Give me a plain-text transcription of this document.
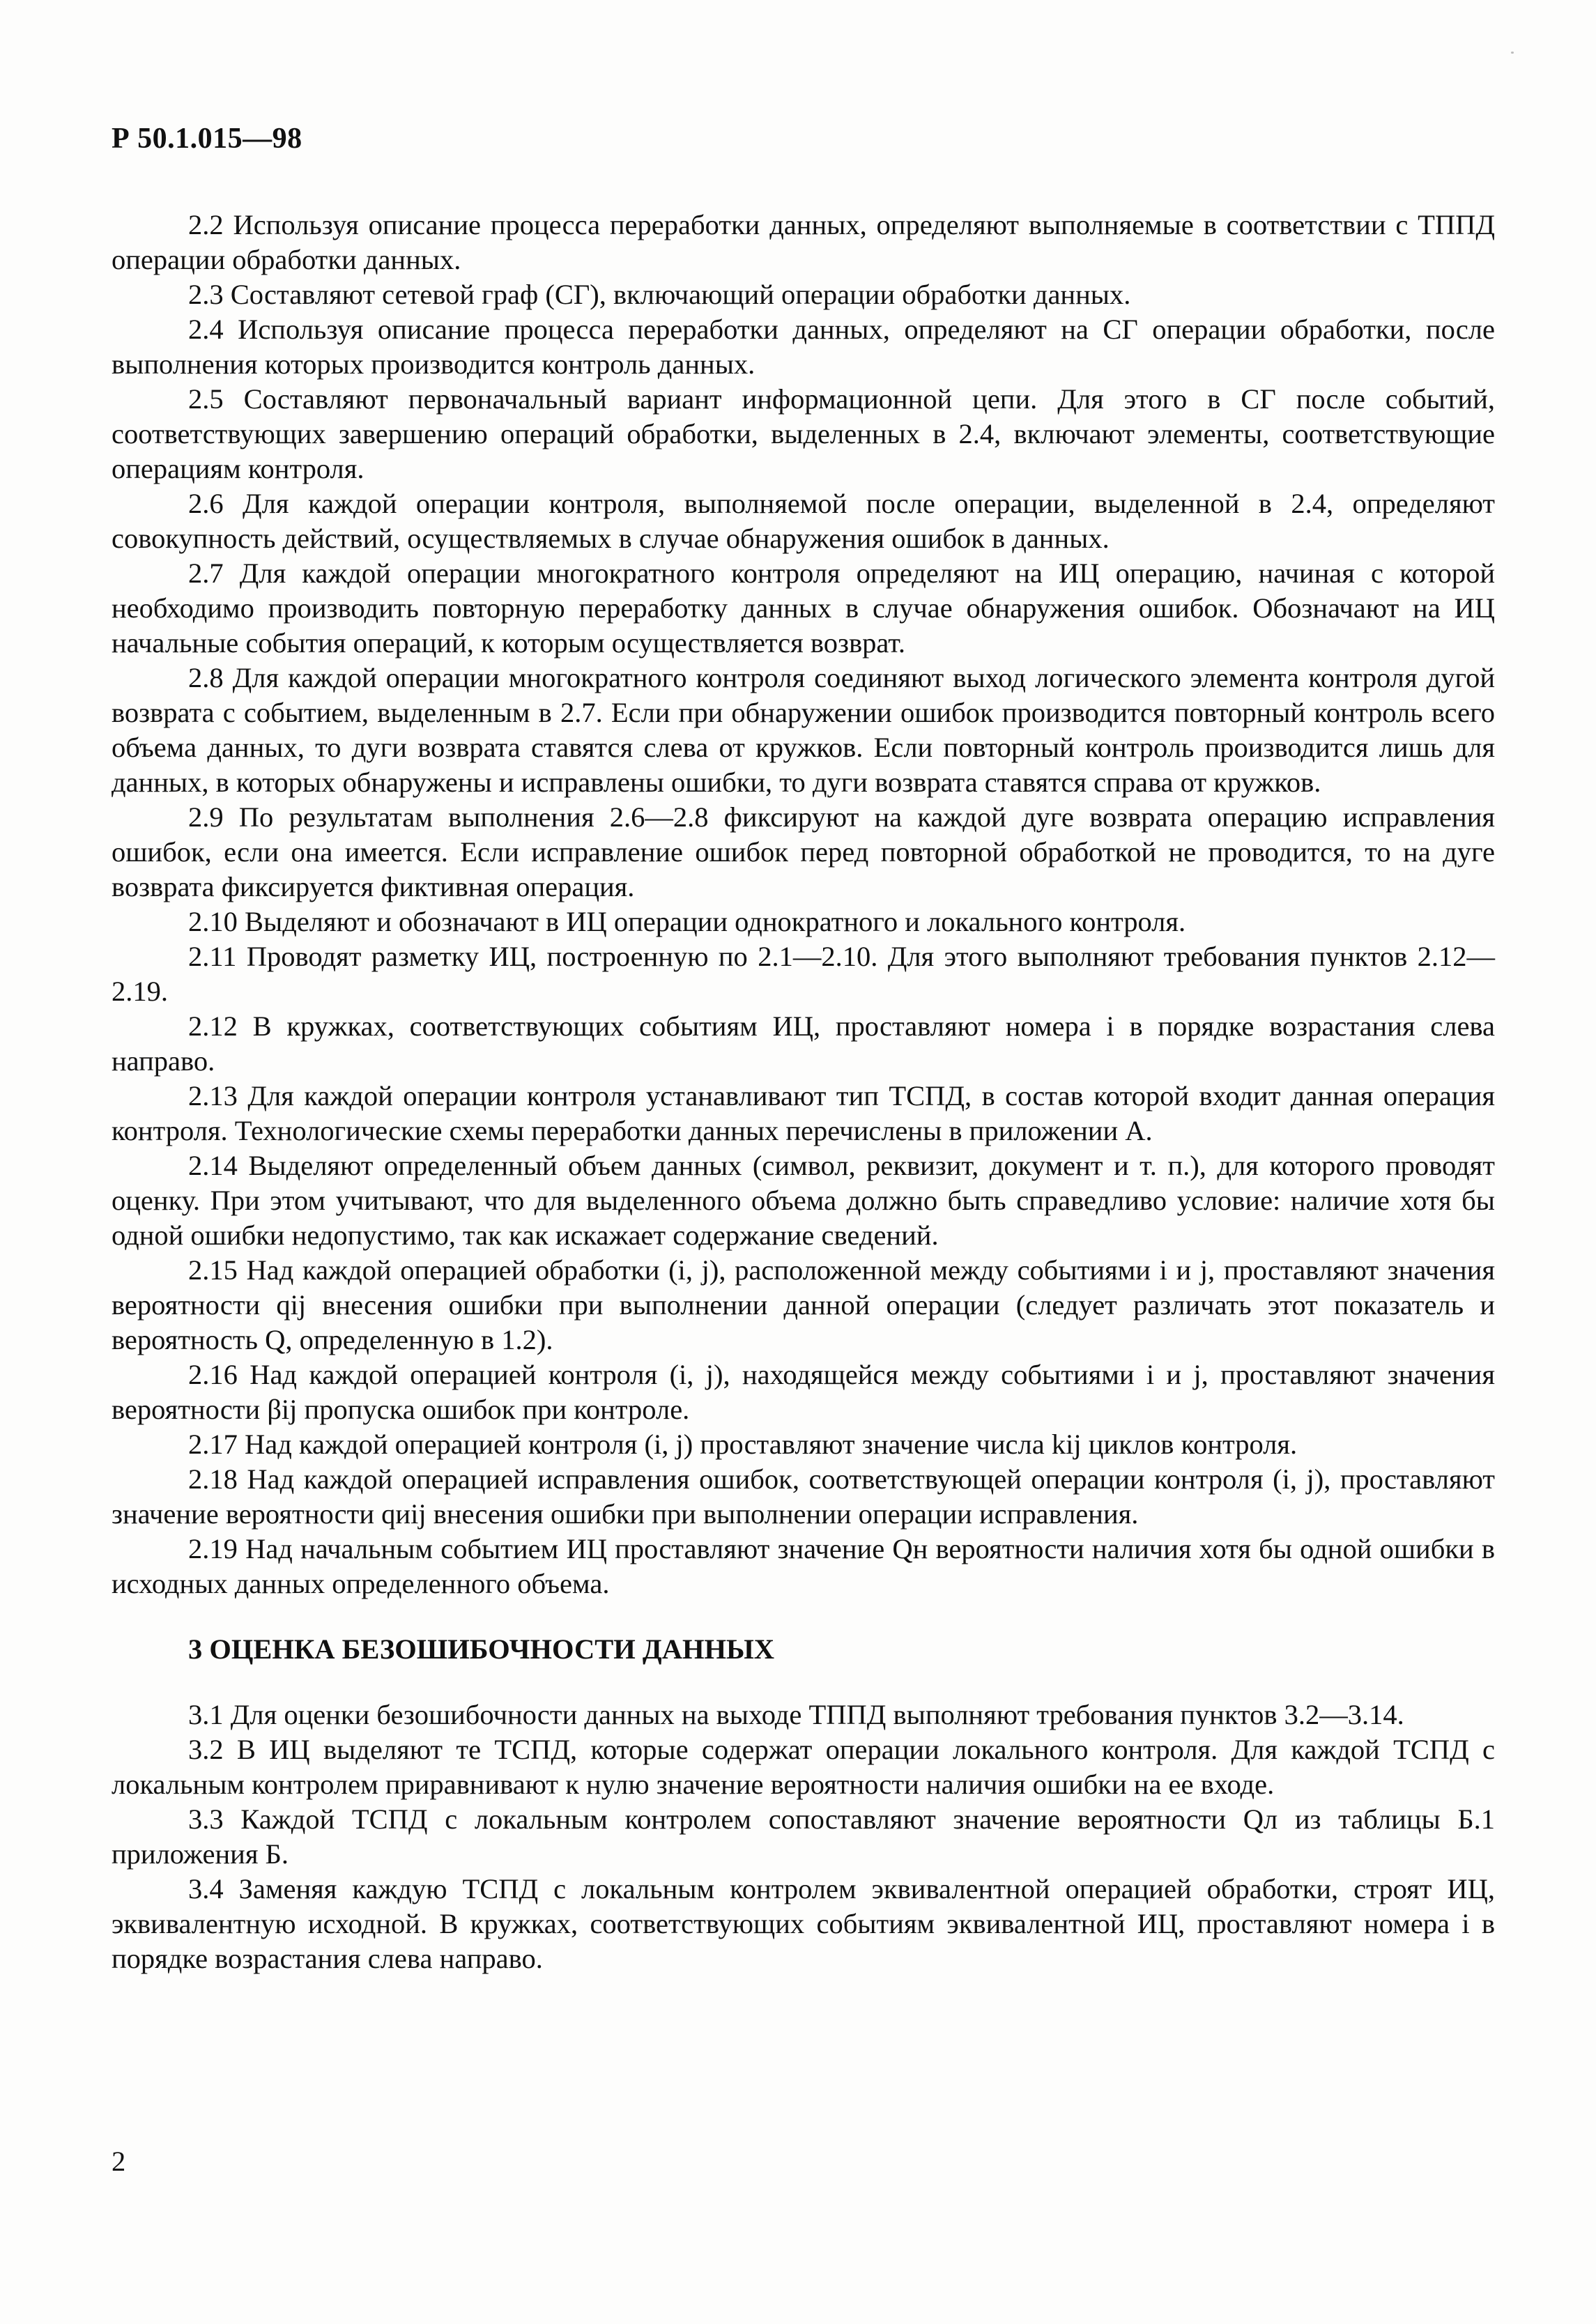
Р 50.1.015—98

2.2 Используя описание процесса переработки данных, определяют выполняемые в соответствии с ТППД операции обработки данных.

2.3 Составляют сетевой граф (СГ), включающий операции обработки данных.

2.4 Используя описание процесса переработки данных, определяют на СГ операции обработки, после выполнения которых производится контроль данных.

2.5 Составляют первоначальный вариант информационной цепи. Для этого в СГ после событий, соответствующих завершению операций обработки, выделенных в 2.4, включают элементы, соответствующие операциям контроля.

2.6 Для каждой операции контроля, выполняемой после операции, выделенной в 2.4, определяют совокупность действий, осуществляемых в случае обнаружения ошибок в данных.

2.7 Для каждой операции многократного контроля определяют на ИЦ операцию, начиная с которой необходимо производить повторную переработку данных в случае обнаружения ошибок. Обозначают на ИЦ начальные события операций, к которым осуществляется возврат.

2.8 Для каждой операции многократного контроля соединяют выход логического элемента контроля дугой возврата с событием, выделенным в 2.7. Если при обнаружении ошибок производится повторный контроль всего объема данных, то дуги возврата ставятся слева от кружков. Если повторный контроль производится лишь для данных, в которых обнаружены и исправлены ошибки, то дуги возврата ставятся справа от кружков.

2.9 По результатам выполнения 2.6—2.8 фиксируют на каждой дуге возврата операцию исправления ошибок, если она имеется. Если исправление ошибок перед повторной обработкой не проводится, то на дуге возврата фиксируется фиктивная операция.

2.10 Выделяют и обозначают в ИЦ операции однократного и локального контроля.

2.11 Проводят разметку ИЦ, построенную по 2.1—2.10. Для этого выполняют требования пунктов 2.12—2.19.

2.12 В кружках, соответствующих событиям ИЦ, проставляют номера i в порядке возрастания слева направо.

2.13 Для каждой операции контроля устанавливают тип ТСПД, в состав которой входит данная операция контроля. Технологические схемы переработки данных перечислены в приложении А.

2.14 Выделяют определенный объем данных (символ, реквизит, документ и т. п.), для которого проводят оценку. При этом учитывают, что для выделенного объема должно быть справедливо условие: наличие хотя бы одной ошибки недопустимо, так как искажает содержание сведений.

2.15 Над каждой операцией обработки (i, j), расположенной между событиями i и j, проставляют значения вероятности qij внесения ошибки при выполнении данной операции (следует различать этот показатель и вероятность Q, определенную в 1.2).

2.16 Над каждой операцией контроля (i, j), находящейся между событиями i и j, проставляют значения вероятности βij пропуска ошибок при контроле.

2.17 Над каждой операцией контроля (i, j) проставляют значение числа kij циклов контроля.

2.18 Над каждой операцией исправления ошибок, соответствующей операции контроля (i, j), проставляют значение вероятности qиij внесения ошибки при выполнении операции исправления.

2.19 Над начальным событием ИЦ проставляют значение Qн вероятности наличия хотя бы одной ошибки в исходных данных определенного объема.

3 ОЦЕНКА БЕЗОШИБОЧНОСТИ ДАННЫХ

3.1 Для оценки безошибочности данных на выходе ТППД выполняют требования пунктов 3.2—3.14.

3.2 В ИЦ выделяют те ТСПД, которые содержат операции локального контроля. Для каждой ТСПД с локальным контролем приравнивают к нулю значение вероятности наличия ошибки на ее входе.

3.3 Каждой ТСПД с локальным контролем сопоставляют значение вероятности Qл из таблицы Б.1 приложения Б.

3.4 Заменяя каждую ТСПД с локальным контролем эквивалентной операцией обработки, строят ИЦ, эквивалентную исходной. В кружках, соответствующих событиям эквивалентной ИЦ, проставляют номера i в порядке возрастания слева направо.

2
